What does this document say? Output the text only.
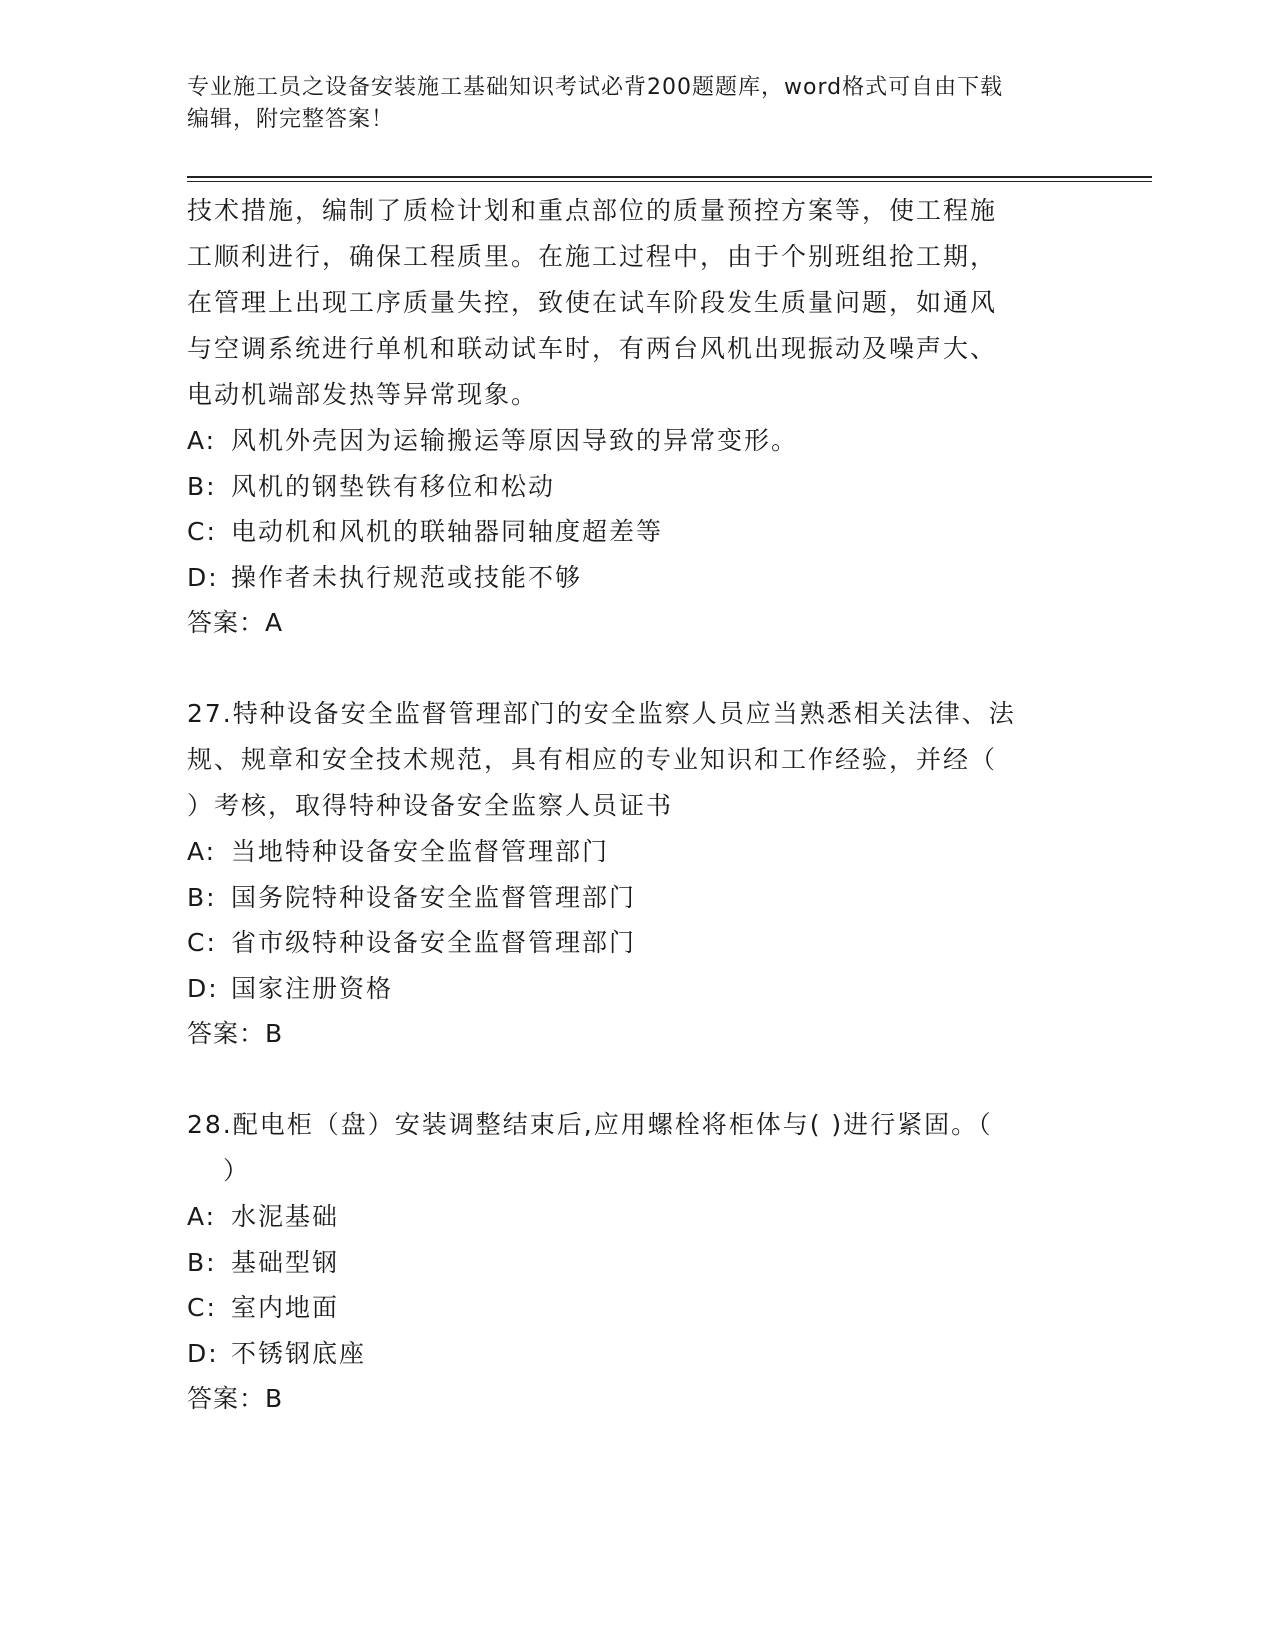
专业施工员之设备安装施工基础知识考试必背200题题库，word格式可自由下载
编辑，附完整答案！

技术措施，编制了质检计划和重点部位的质量预控方案等，使工程施

工顺利进行，确保工程质里。在施工过程中，由于个别班组抢工期，

在管理上出现工序质量失控，致使在试车阶段发生质量问题，如通风

与空调系统进行单机和联动试车时，有两台风机出现振动及噪声大、

电动机端部发热等异常现象。

A: 风机外壳因为运输搬运等原因导致的异常变形。

B: 风机的钢垫铁有移位和松动

C: 电动机和风机的联轴器同轴度超差等

D: 操作者未执行规范或技能不够

答案：A

27.特种设备安全监督管理部门的安全监察人员应当熟悉相关法律、法

规、规章和安全技术规范，具有相应的专业知识和工作经验，并经（

）考核，取得特种设备安全监察人员证书

A: 当地特种设备安全监督管理部门

B: 国务院特种设备安全监督管理部门

C: 省市级特种设备安全监督管理部门

D: 国家注册资格

答案：B

28.配电柜（盘）安装调整结束后,应用螺栓将柜体与( )进行紧固。（
）

A: 水泥基础

B: 基础型钢

C: 室内地面

D: 不锈钢底座

答案：B
